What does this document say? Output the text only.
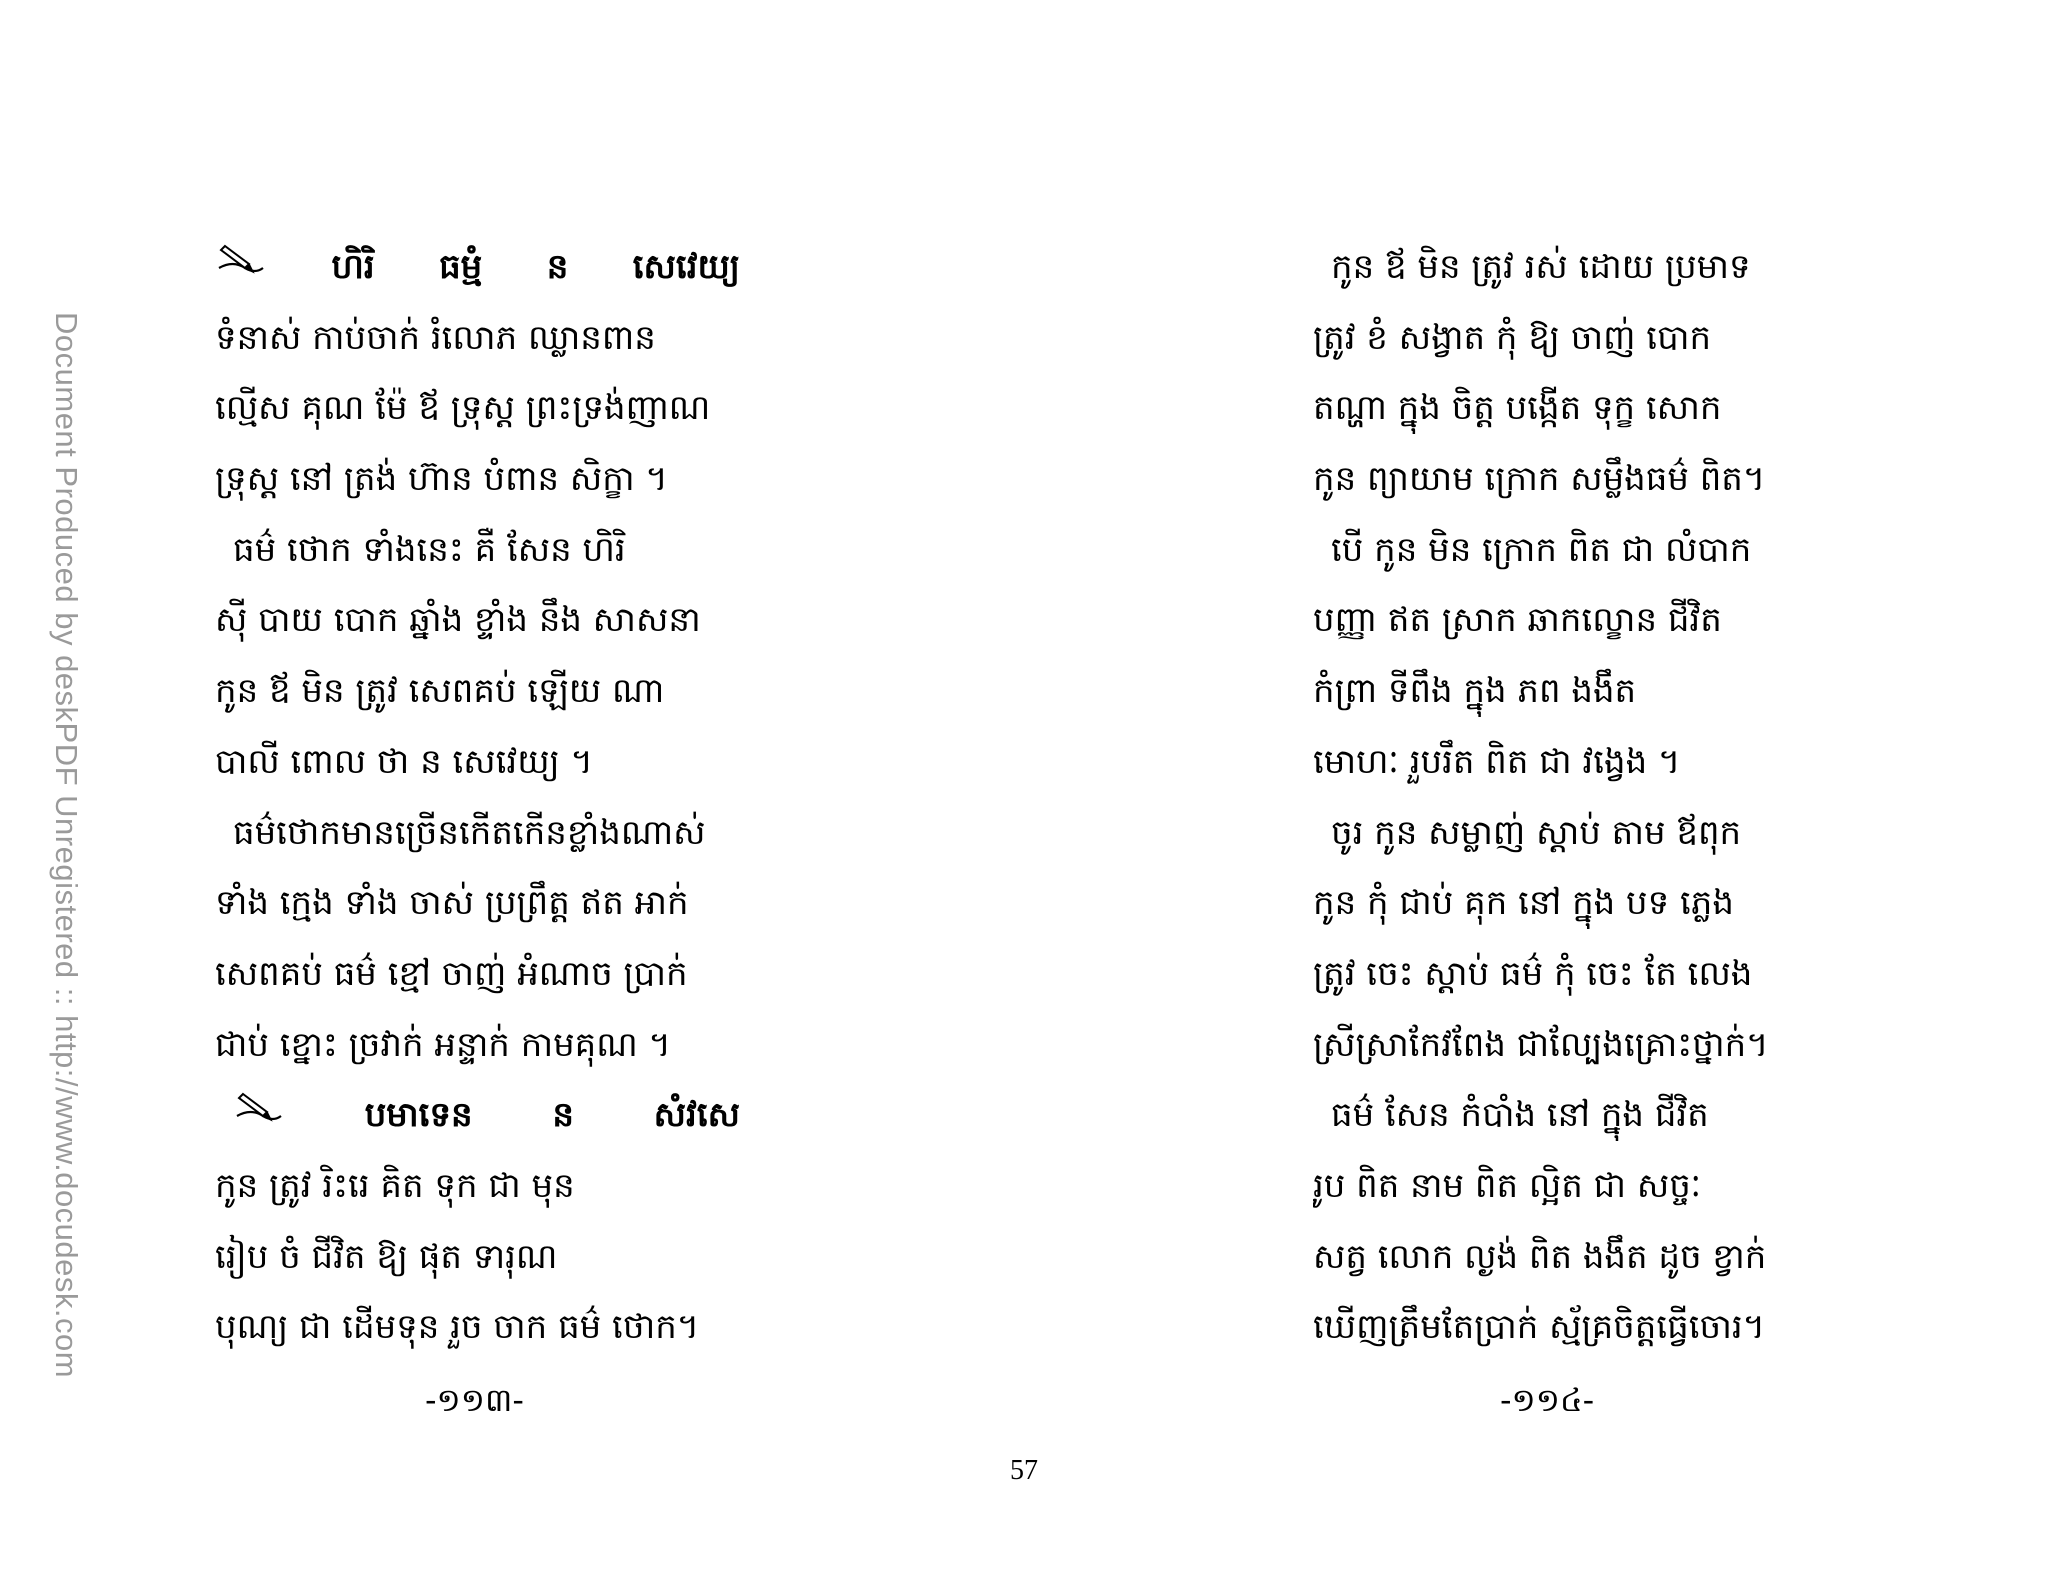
Document Produced by deskPDF Unregistered :: http://www.docudesk.com
ហិរិ ធម្មំ ន សេវេយ្យ
ទំនាស់ កាប់ចាក់ រំលោភ ឈ្លានពាន
ល្មើស គុណ ម៉ែ ឪ ទ្រុស្ត ព្រះទ្រង់ញាណ
ទ្រុស្ត នៅ ត្រង់ ហ៊ាន បំពាន សិក្ខា ។
ធម៌ ថោក ទាំងនេះ គឺ សែន ហិរិ
ស៊ី បាយ បោក ឆ្នាំង ខ្ទាំង នឹង សាសនា
កូន ឪ មិន ត្រូវ សេពគប់ ឡើយ ណា
បាលី ពោល ថា ន សេវេយ្យ ។
ធម៌ថោកមានច្រើនកើតកើនខ្លាំងណាស់
ទាំង ក្មេង ទាំង ចាស់ ប្រព្រឹត្ត ឥត អាក់
សេពគប់ ធម៌ ខ្មៅ ចាញ់ អំណាច ប្រាក់
ជាប់ ខ្នោះ ច្រវាក់ អន្ទាក់ កាមគុណ ។
បមាទេន ន សំវសេ
កូន ត្រូវ រិះរេ គិត ទុក ជា មុន
រៀប ចំ ជីវិត ឱ្យ ផុត ទារុណ
បុណ្យ ជា ដើមទុន រួច ចាក ធម៌ ថោក។
កូន ឪ មិន ត្រូវ រស់ ដោយ ប្រមាទ
ត្រូវ ខំ សង្វាត កុំ ឱ្យ ចាញ់ បោក
តណ្ហា ក្នុង ចិត្ត បង្កើត ទុក្ខ សោក
កូន ព្យាយាម ក្រោក សម្លឹងធម៌ ពិត។
បើ កូន មិន ក្រោក ពិត ជា លំបាក
បញ្ញា ឥត ស្រាក ឆាកល្ខោន ជីវិត
កំព្រា ទីពឹង ក្នុង ភព ងងឹត
មោហៈ រួបរឹត ពិត ជា វង្វេង ។
ចូរ កូន សម្លាញ់ ស្តាប់ តាម ឪពុក
កូន កុំ ជាប់ គុក នៅ ក្នុង បទ ភ្លេង
ត្រូវ ចេះ ស្តាប់ ធម៌ កុំ ចេះ តែ លេង
ស្រីស្រាកែវពែង ជាល្បែងគ្រោះថ្នាក់។
ធម៌ សែន កំបាំង នៅ ក្នុង ជីវិត
រូប ពិត នាម ពិត ល្អិត ជា សច្ចៈ
សត្វ លោក ល្ងង់ ពិត ងងឹត ដូច ខ្វាក់
ឃើញត្រឹមតែប្រាក់ ស្ម័គ្រចិត្តធ្វើចោរ។
-១១៣-	-១១៤-
57
